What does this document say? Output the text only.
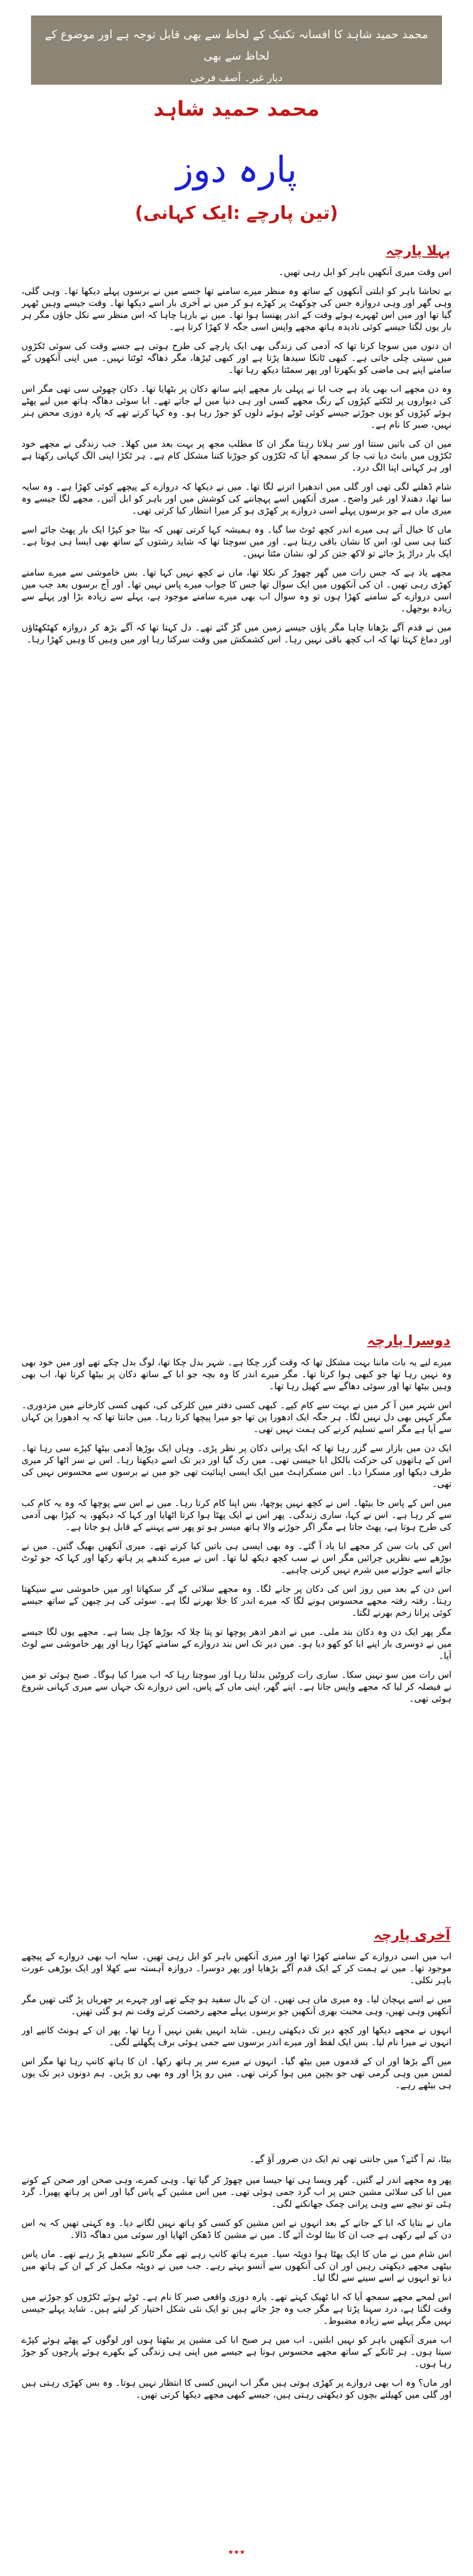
محمد حمید شاہد کا افسانہ تکنیک کے لحاظ سے بھی قابل توجہ ہے اور موضوع کے لحاظ سے بھی
دیار غیر۔ آصف فرخی
محمد حمید شاہد
پارہ دوز
(تین پارچے :ایک کہانی)
پہلا پارچہ

اس وقت میری آنکھیں باہر کو ابل رہی تھیں۔

بے تحاشا باہر کو ابلتی آنکھوں کے ساتھ وہ منظر میرے سامنے تھا جسے میں نے برسوں پہلے دیکھا تھا۔ وہی گلی، وہی گھر اور وہی دروازہ جس کی چوکھٹ پر کھڑے ہو کر میں نے آخری بار اسے دیکھا تھا۔ وقت جیسے وہیں ٹھہر گیا تھا اور میں اس ٹھہرے ہوئے وقت کے اندر پھنسا ہوا تھا۔ میں نے بارہا چاہا کہ اس منظر سے نکل جاؤں مگر ہر بار یوں لگتا جیسے کوئی نادیدہ ہاتھ مجھے واپس اسی جگہ لا کھڑا کرتا ہے۔

ان دنوں میں سوچا کرتا تھا کہ آدمی کی زندگی بھی ایک پارچے کی طرح ہوتی ہے جسے وقت کی سوئی ٹکڑوں میں سیتی چلی جاتی ہے۔ کبھی ٹانکا سیدھا پڑتا ہے اور کبھی ٹیڑھا، مگر دھاگہ ٹوٹتا نہیں۔ میں اپنی آنکھوں کے سامنے اپنے ہی ماضی کو بکھرتا اور پھر سمٹتا دیکھ رہا تھا۔

وہ دن مجھے اب بھی یاد ہے جب ابا نے پہلی بار مجھے اپنے ساتھ دکان پر بٹھایا تھا۔ دکان چھوٹی سی تھی مگر اس کی دیواروں پر لٹکتے کپڑوں کے رنگ مجھے کسی اور ہی دنیا میں لے جاتے تھے۔ ابا سوئی دھاگہ ہاتھ میں لیے پھٹے ہوئے کپڑوں کو یوں جوڑتے جیسے کوئی ٹوٹے ہوئے دلوں کو جوڑ رہا ہو۔ وہ کہا کرتے تھے کہ پارہ دوزی محض ہنر نہیں، صبر کا نام ہے۔

میں ان کی باتیں سنتا اور سر ہلاتا رہتا مگر ان کا مطلب مجھ پر بہت بعد میں کھلا۔ جب زندگی نے مجھے خود ٹکڑوں میں بانٹ دیا تب جا کر سمجھ آیا کہ ٹکڑوں کو جوڑنا کتنا مشکل کام ہے۔ ہر ٹکڑا اپنی الگ کہانی رکھتا ہے اور ہر کہانی اپنا الگ درد۔

شام ڈھلنے لگی تھی اور گلی میں اندھیرا اترنے لگا تھا۔ میں نے دیکھا کہ دروازے کے پیچھے کوئی کھڑا ہے۔ وہ سایہ سا تھا، دھندلا اور غیر واضح۔ میری آنکھیں اسے پہچاننے کی کوشش میں اور باہر کو ابل آئیں۔ مجھے لگا جیسے وہ میری ماں ہے جو برسوں پہلے اسی دروازے پر کھڑی ہو کر میرا انتظار کیا کرتی تھی۔

ماں کا خیال آتے ہی میرے اندر کچھ ٹوٹ سا گیا۔ وہ ہمیشہ کہا کرتی تھیں کہ بیٹا جو کپڑا ایک بار پھٹ جائے اسے کتنا ہی سی لو، اس کا نشان باقی رہتا ہے۔ اور میں سوچتا تھا کہ شاید رشتوں کے ساتھ بھی ایسا ہی ہوتا ہے۔ ایک بار دراڑ پڑ جائے تو لاکھ جتن کر لو، نشان مٹتا نہیں۔

مجھے یاد ہے کہ جس رات میں گھر چھوڑ کر نکلا تھا، ماں نے کچھ نہیں کہا تھا۔ بس خاموشی سے میرے سامنے کھڑی رہی تھیں۔ ان کی آنکھوں میں ایک سوال تھا جس کا جواب میرے پاس نہیں تھا۔ اور آج برسوں بعد جب میں اسی دروازے کے سامنے کھڑا ہوں تو وہ سوال اب بھی میرے سامنے موجود ہے، پہلے سے زیادہ بڑا اور پہلے سے زیادہ بوجھل۔

میں نے قدم آگے بڑھانا چاہا مگر پاؤں جیسے زمین میں گڑ گئے تھے۔ دل کہتا تھا کہ آگے بڑھ کر دروازہ کھٹکھٹاؤں اور دماغ کہتا تھا کہ اب کچھ باقی نہیں رہا۔ اس کشمکش میں وقت سرکتا رہا اور میں وہیں کا وہیں کھڑا رہا۔

دوسرا پارچہ

میرے لیے یہ بات ماننا بہت مشکل تھا کہ وقت گزر چکا ہے۔ شہر بدل چکا تھا، لوگ بدل چکے تھے اور میں خود بھی وہ نہیں رہا تھا جو کبھی ہوا کرتا تھا۔ مگر میرے اندر کا وہ بچہ جو ابا کے ساتھ دکان پر بیٹھا کرتا تھا، اب بھی وہیں بیٹھا تھا اور سوئی دھاگے سے کھیل رہا تھا۔

اس شہر میں آ کر میں نے بہت سے کام کیے۔ کبھی کسی دفتر میں کلرکی کی، کبھی کسی کارخانے میں مزدوری۔ مگر کہیں بھی دل نہیں لگا۔ ہر جگہ ایک ادھورا پن تھا جو میرا پیچھا کرتا رہا۔ میں جانتا تھا کہ یہ ادھورا پن کہاں سے آیا ہے مگر اسے تسلیم کرنے کی ہمت نہیں تھی۔

ایک دن میں بازار سے گزر رہا تھا کہ ایک پرانی دکان پر نظر پڑی۔ وہاں ایک بوڑھا آدمی بیٹھا کپڑے سی رہا تھا۔ اس کے ہاتھوں کی حرکت بالکل ابا جیسی تھی۔ میں رک گیا اور دیر تک اسے دیکھتا رہا۔ اس نے سر اٹھا کر میری طرف دیکھا اور مسکرا دیا۔ اس مسکراہٹ میں ایک ایسی اپنائیت تھی جو میں نے برسوں سے محسوس نہیں کی تھی۔

میں اس کے پاس جا بیٹھا۔ اس نے کچھ نہیں پوچھا، بس اپنا کام کرتا رہا۔ میں نے اس سے پوچھا کہ وہ یہ کام کب سے کر رہا ہے۔ اس نے کہا، ساری زندگی۔ پھر اس نے ایک پھٹا ہوا کرتا اٹھایا اور کہا کہ دیکھو، یہ کپڑا بھی آدمی کی طرح ہوتا ہے، پھٹ جاتا ہے مگر اگر جوڑنے والا ہاتھ میسر ہو تو پھر سے پہننے کے قابل ہو جاتا ہے۔

اس کی بات سن کر مجھے ابا یاد آ گئے۔ وہ بھی ایسی ہی باتیں کیا کرتے تھے۔ میری آنکھیں بھیگ گئیں۔ میں نے بوڑھے سے نظریں چرائیں مگر اس نے سب کچھ دیکھ لیا تھا۔ اس نے میرے کندھے پر ہاتھ رکھا اور کہا کہ جو ٹوٹ جائے اسے جوڑنے میں شرم نہیں کرنی چاہیے۔

اس دن کے بعد میں روز اس کی دکان پر جانے لگا۔ وہ مجھے سلائی کے گر سکھاتا اور میں خاموشی سے سیکھتا رہتا۔ رفتہ رفتہ مجھے محسوس ہونے لگا کہ میرے اندر کا خلا بھرنے لگا ہے۔ سوئی کی ہر چبھن کے ساتھ جیسے کوئی پرانا زخم بھرنے لگتا۔

مگر پھر ایک دن وہ دکان بند ملی۔ میں نے ادھر ادھر پوچھا تو پتا چلا کہ بوڑھا چل بسا ہے۔ مجھے یوں لگا جیسے میں نے دوسری بار اپنے ابا کو کھو دیا ہو۔ میں دیر تک اس بند دروازے کے سامنے کھڑا رہا اور پھر خاموشی سے لوٹ آیا۔

اس رات میں سو نہیں سکا۔ ساری رات کروٹیں بدلتا رہا اور سوچتا رہا کہ اب میرا کیا ہوگا۔ صبح ہوئی تو میں نے فیصلہ کر لیا کہ مجھے واپس جانا ہے۔ اپنے گھر، اپنی ماں کے پاس، اس دروازے تک جہاں سے میری کہانی شروع ہوئی تھی۔

آخری پارچہ

اب میں اسی دروازے کے سامنے کھڑا تھا اور میری آنکھیں باہر کو ابل رہی تھیں۔ سایہ اب بھی دروازے کے پیچھے موجود تھا۔ میں نے ہمت کر کے ایک قدم آگے بڑھایا اور پھر دوسرا۔ دروازہ آہستہ سے کھلا اور ایک بوڑھی عورت باہر نکلی۔

میں نے اسے پہچان لیا۔ وہ میری ماں ہی تھیں۔ ان کے بال سفید ہو چکے تھے اور چہرے پر جھریاں پڑ گئی تھیں مگر آنکھیں وہی تھیں، وہی محبت بھری آنکھیں جو برسوں پہلے مجھے رخصت کرتے وقت نم ہو گئی تھیں۔

انہوں نے مجھے دیکھا اور کچھ دیر تک دیکھتی رہیں۔ شاید انہیں یقین نہیں آ رہا تھا۔ پھر ان کے ہونٹ کانپے اور انہوں نے میرا نام لیا۔ بس ایک لفظ اور میرے اندر برسوں سے جمی ہوئی برف پگھلنے لگی۔

میں آگے بڑھا اور ان کے قدموں میں بیٹھ گیا۔ انہوں نے میرے سر پر ہاتھ رکھا۔ ان کا ہاتھ کانپ رہا تھا مگر اس لمس میں وہی گرمی تھی جو بچپن میں ہوا کرتی تھی۔ میں رو پڑا اور وہ بھی رو پڑیں۔ ہم دونوں دیر تک یوں ہی بیٹھے رہے۔

بیٹا، تم آ گئے؟ میں جانتی تھی تم ایک دن ضرور آؤ گے۔

پھر وہ مجھے اندر لے گئیں۔ گھر ویسا ہی تھا جیسا میں چھوڑ کر گیا تھا۔ وہی کمرے، وہی صحن اور صحن کے کونے میں ابا کی سلائی مشین جس پر اب گرد جمی ہوئی تھی۔ میں اس مشین کے پاس گیا اور اس پر ہاتھ پھیرا۔ گرد ہٹی تو نیچے سے وہی پرانی چمک جھانکنے لگی۔

ماں نے بتایا کہ ابا کے جانے کے بعد انہوں نے اس مشین کو کسی کو ہاتھ نہیں لگانے دیا۔ وہ کہتی تھیں کہ یہ اس دن کے لیے رکھی ہے جب ان کا بیٹا لوٹ آئے گا۔ میں نے مشین کا ڈھکن اٹھایا اور سوئی میں دھاگہ ڈالا۔

اس شام میں نے ماں کا ایک پھٹا ہوا دوپٹہ سیا۔ میرے ہاتھ کانپ رہے تھے مگر ٹانکے سیدھے پڑ رہے تھے۔ ماں پاس بیٹھی مجھے دیکھتی رہیں اور ان کی آنکھوں سے آنسو بہتے رہے۔ جب میں نے دوپٹہ مکمل کر کے ان کے ہاتھ میں دیا تو انہوں نے اسے سینے سے لگا لیا۔

اس لمحے مجھے سمجھ آیا کہ ابا ٹھیک کہتے تھے۔ پارہ دوزی واقعی صبر کا نام ہے۔ ٹوٹے ہوئے ٹکڑوں کو جوڑنے میں وقت لگتا ہے، درد سہنا پڑتا ہے مگر جب وہ جڑ جاتے ہیں تو ایک نئی شکل اختیار کر لیتے ہیں۔ شاید پہلے جیسی نہیں مگر پہلے سے زیادہ مضبوط۔

اب میری آنکھیں باہر کو نہیں ابلتیں۔ اب میں ہر صبح ابا کی مشین پر بیٹھتا ہوں اور لوگوں کے پھٹے ہوئے کپڑے سیتا ہوں۔ ہر ٹانکے کے ساتھ مجھے محسوس ہوتا ہے جیسے میں اپنی ہی زندگی کے بکھرے ہوئے پارچوں کو جوڑ رہا ہوں۔

اور ماں؟ وہ اب بھی دروازے پر کھڑی ہوتی ہیں مگر اب انہیں کسی کا انتظار نہیں ہوتا۔ وہ بس کھڑی رہتی ہیں اور گلی میں کھیلتے بچوں کو دیکھتی رہتی ہیں، جیسے کبھی مجھے دیکھا کرتی تھیں۔

٭٭٭
